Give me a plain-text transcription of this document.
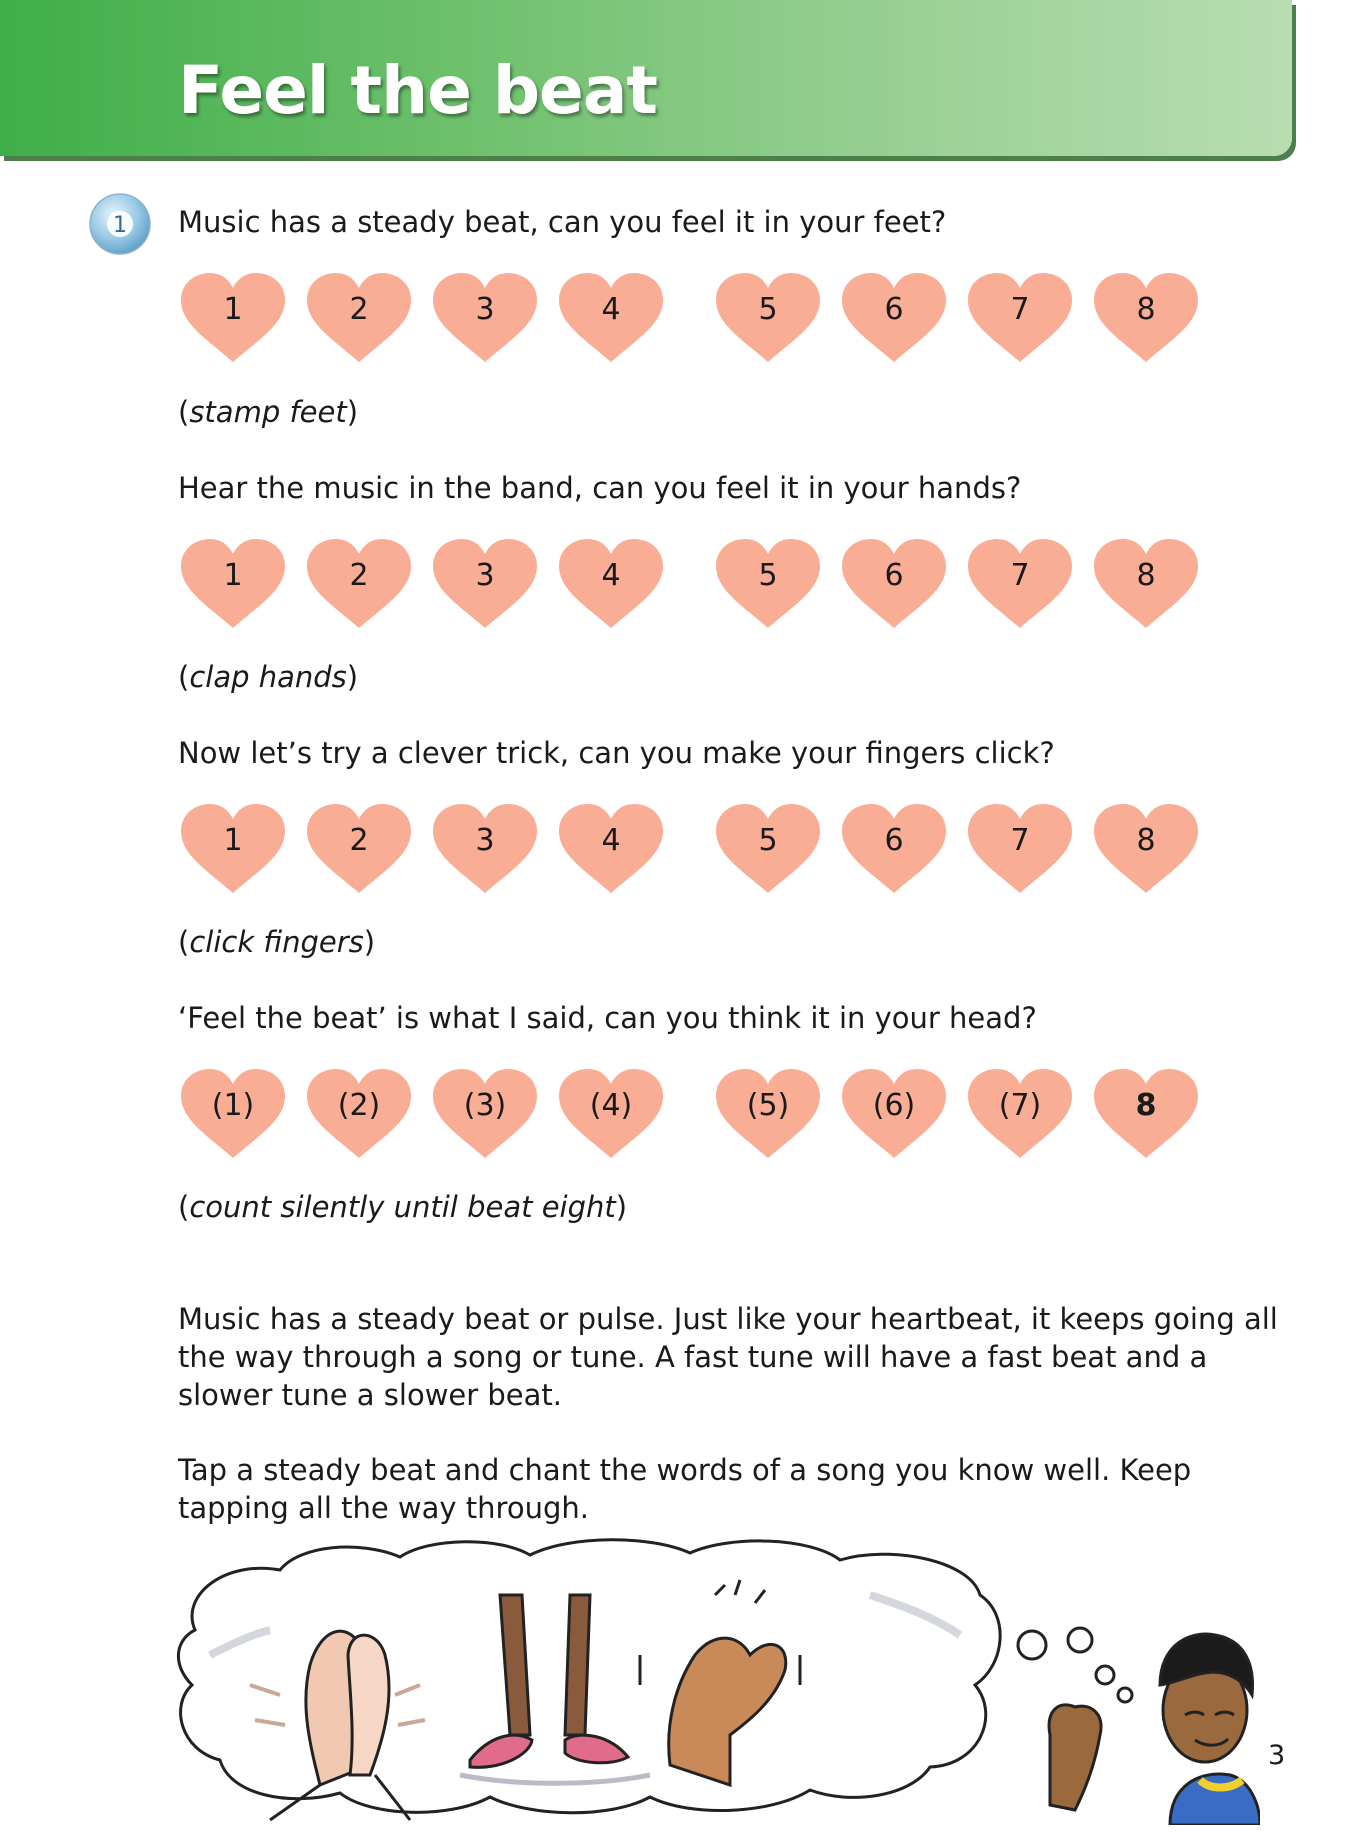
Feel the beat
1 Music has a steady beat, can you feel it in your feet?

1	2	3	4	5	6	7	8

(stamp feet)

Hear the music in the band, can you feel it in your hands?

1	2	3	4	5	6	7	8

(clap hands)

Now let’s try a clever trick, can you make your fingers click?

1	2	3	4	5	6	7	8

(click fingers)

‘Feel the beat’ is what I said, can you think it in your head?

(1)	(2)	(3)	(4)	(5)	(6)	(7)	8

(count silently until beat eight)

Music has a steady beat or pulse. Just like your heartbeat, it keeps going all the way through a song or tune. A fast tune will have a fast beat and a slower tune a slower beat.

Tap a steady beat and chant the words of a song you know well. Keep tapping all the way through.

3
